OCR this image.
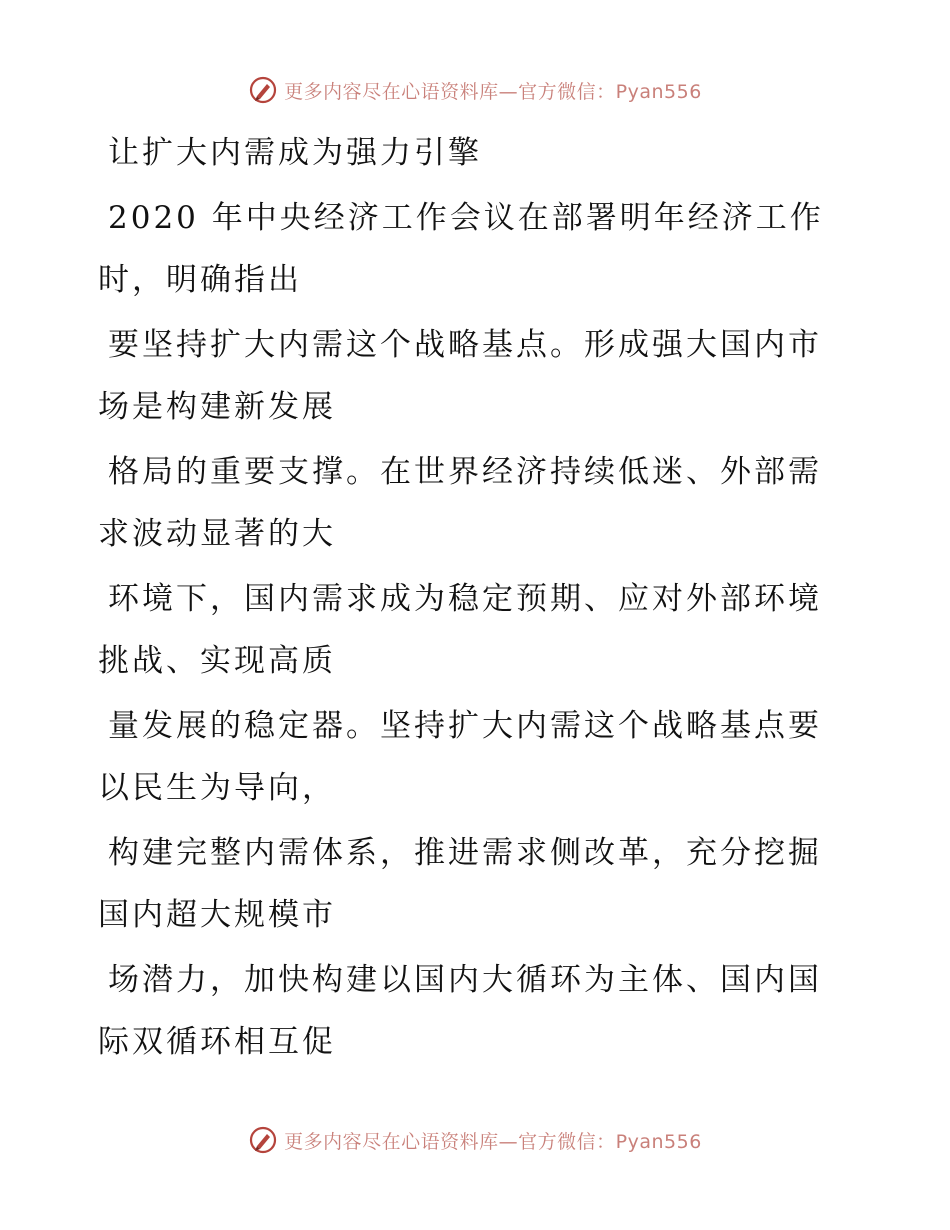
更多内容尽在心语资料库—官方微信：Pyan556

让扩大内需成为强力引擎

2020 年中央经济工作会议在部署明年经济工作
时，明确指出

要坚持扩大内需这个战略基点。形成强大国内市
场是构建新发展

格局的重要支撑。在世界经济持续低迷、外部需
求波动显著的大

环境下，国内需求成为稳定预期、应对外部环境
挑战、实现高质

量发展的稳定器。坚持扩大内需这个战略基点要
以民生为导向，

构建完整内需体系，推进需求侧改革，充分挖掘
国内超大规模市

场潜力，加快构建以国内大循环为主体、国内国
际双循环相互促

更多内容尽在心语资料库—官方微信：Pyan556
